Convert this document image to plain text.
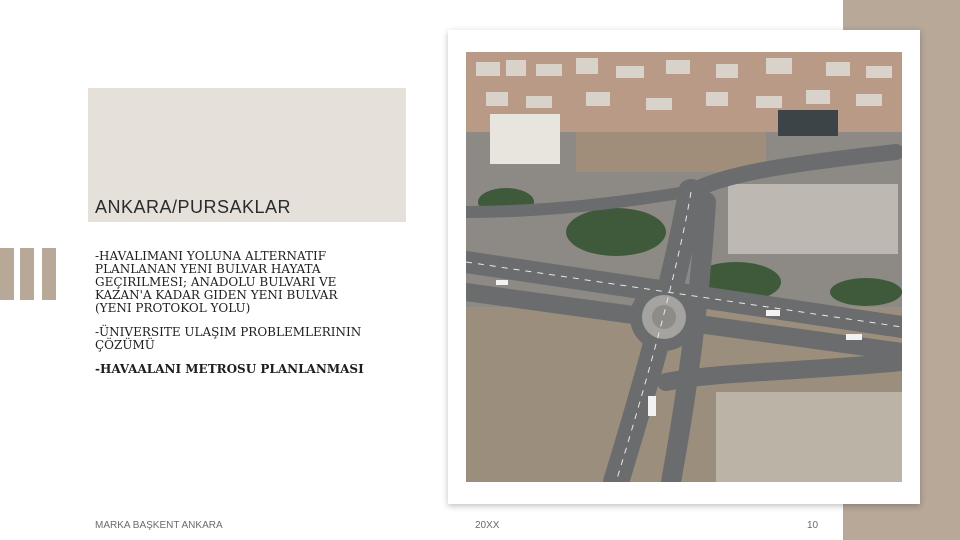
ANKARA/PURSAKLAR
-HAVALIMANI YOLUNA ALTERNATIF PLANLANAN YENI BULVAR HAYATA GEÇIRILMESI; ANADOLU BULVARI VE KAZAN'A KADAR GIDEN YENI BULVAR
(YENI PROTOKOL YOLU)
-ÜNIVERSITE ULAŞIM PROBLEMLERININ ÇÖZÜMÜ
-HAVAALANI METROSU PLANLANMASI
MARKA BAŞKENT ANKARA	20XX	10
